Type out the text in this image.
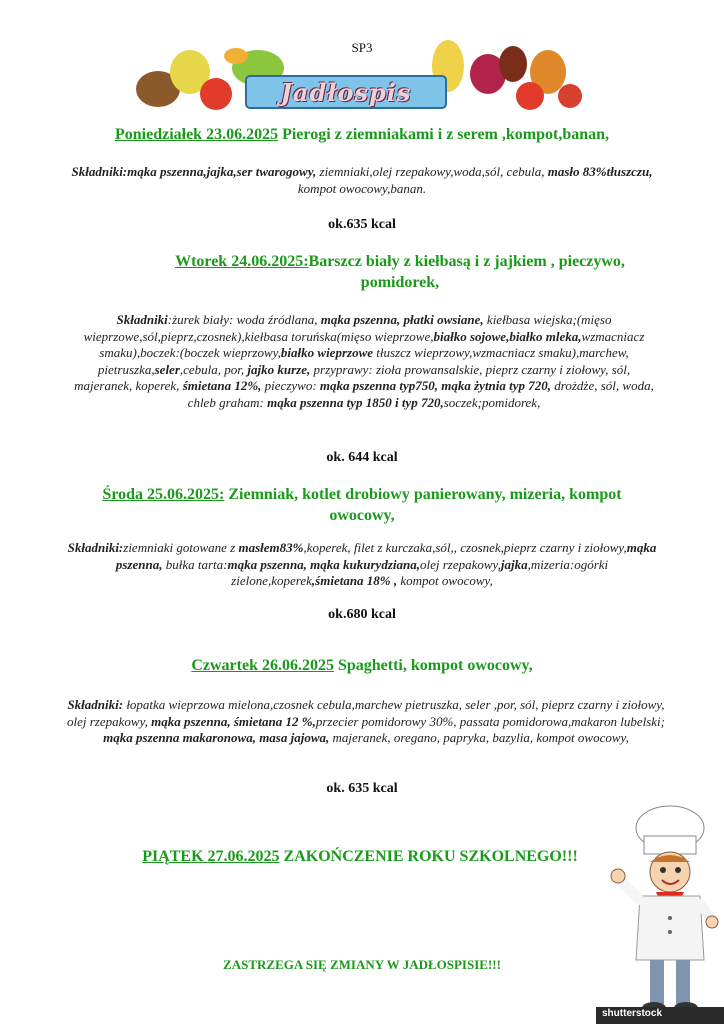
SP3
Jadłospis
Poniedziałek 23.06.2025 Pierogi z ziemniakami i z serem ,kompot,banan,
Składniki:mąka pszenna,jajka,ser twarogowy, ziemniaki,olej rzepakowy,woda,sól, cebula, masło 83%tłuszczu, kompot owocowy,banan.
ok.635 kcal
Wtorek 24.06.2025:Barszcz biały z kiełbasą i z jajkiem , pieczywo, pomidorek,
Składniki:żurek biały: woda źródlana, mąka pszenna, płatki owsiane, kiełbasa wiejska;(mięso wieprzowe,sól,pieprz,czosnek),kiełbasa toruńska(mięso wieprzowe,białko sojowe,białko mleka,wzmacniacz smaku),boczek:(boczek wieprzowy,białko wieprzowe tłuszcz wieprzowy,wzmacniacz smaku),marchew, pietruszka,seler,cebula, por, jajko kurze, przyprawy: zioła prowansalskie, pieprz czarny i ziołowy, sól, majeranek, koperek, śmietana 12%, pieczywo: mąka pszenna typ750, mąka żytnia typ 720, drożdże, sól, woda, chleb graham: mąka pszenna typ 1850 i typ 720,soczek;pomidorek,
ok. 644 kcal
Środa 25.06.2025: Ziemniak, kotlet drobiowy panierowany, mizeria, kompot owocowy,
Składniki:ziemniaki gotowane z masłem83%,koperek, filet z kurczaka,sól,, czosnek,pieprz czarny i ziołowy,mąka pszenna, bułka tarta:mąka pszenna, mąka kukurydziana,olej rzepakowy,jajka,mizeria:ogórki zielone,koperek,śmietana 18% , kompot owocowy,
ok.680 kcal
Czwartek 26.06.2025 Spaghetti, kompot owocowy,
Składniki: łopatka wieprzowa mielona,czosnek cebula,marchew pietruszka, seler ,por, sól, pieprz czarny i ziołowy, olej rzepakowy, mąka pszenna, śmietana 12 %,przecier pomidorowy 30%, passata pomidorowa,makaron lubelski; mąka pszenna makaronowa, masa jajowa, majeranek, oregano, papryka, bazylia, kompot owocowy,
ok. 635 kcal
PIĄTEK 27.06.2025 ZAKOŃCZENIE ROKU SZKOLNEGO!!!
ZASTRZEGA SIĘ ZMIANY W JADŁOSPISIE!!!
shutterstock
